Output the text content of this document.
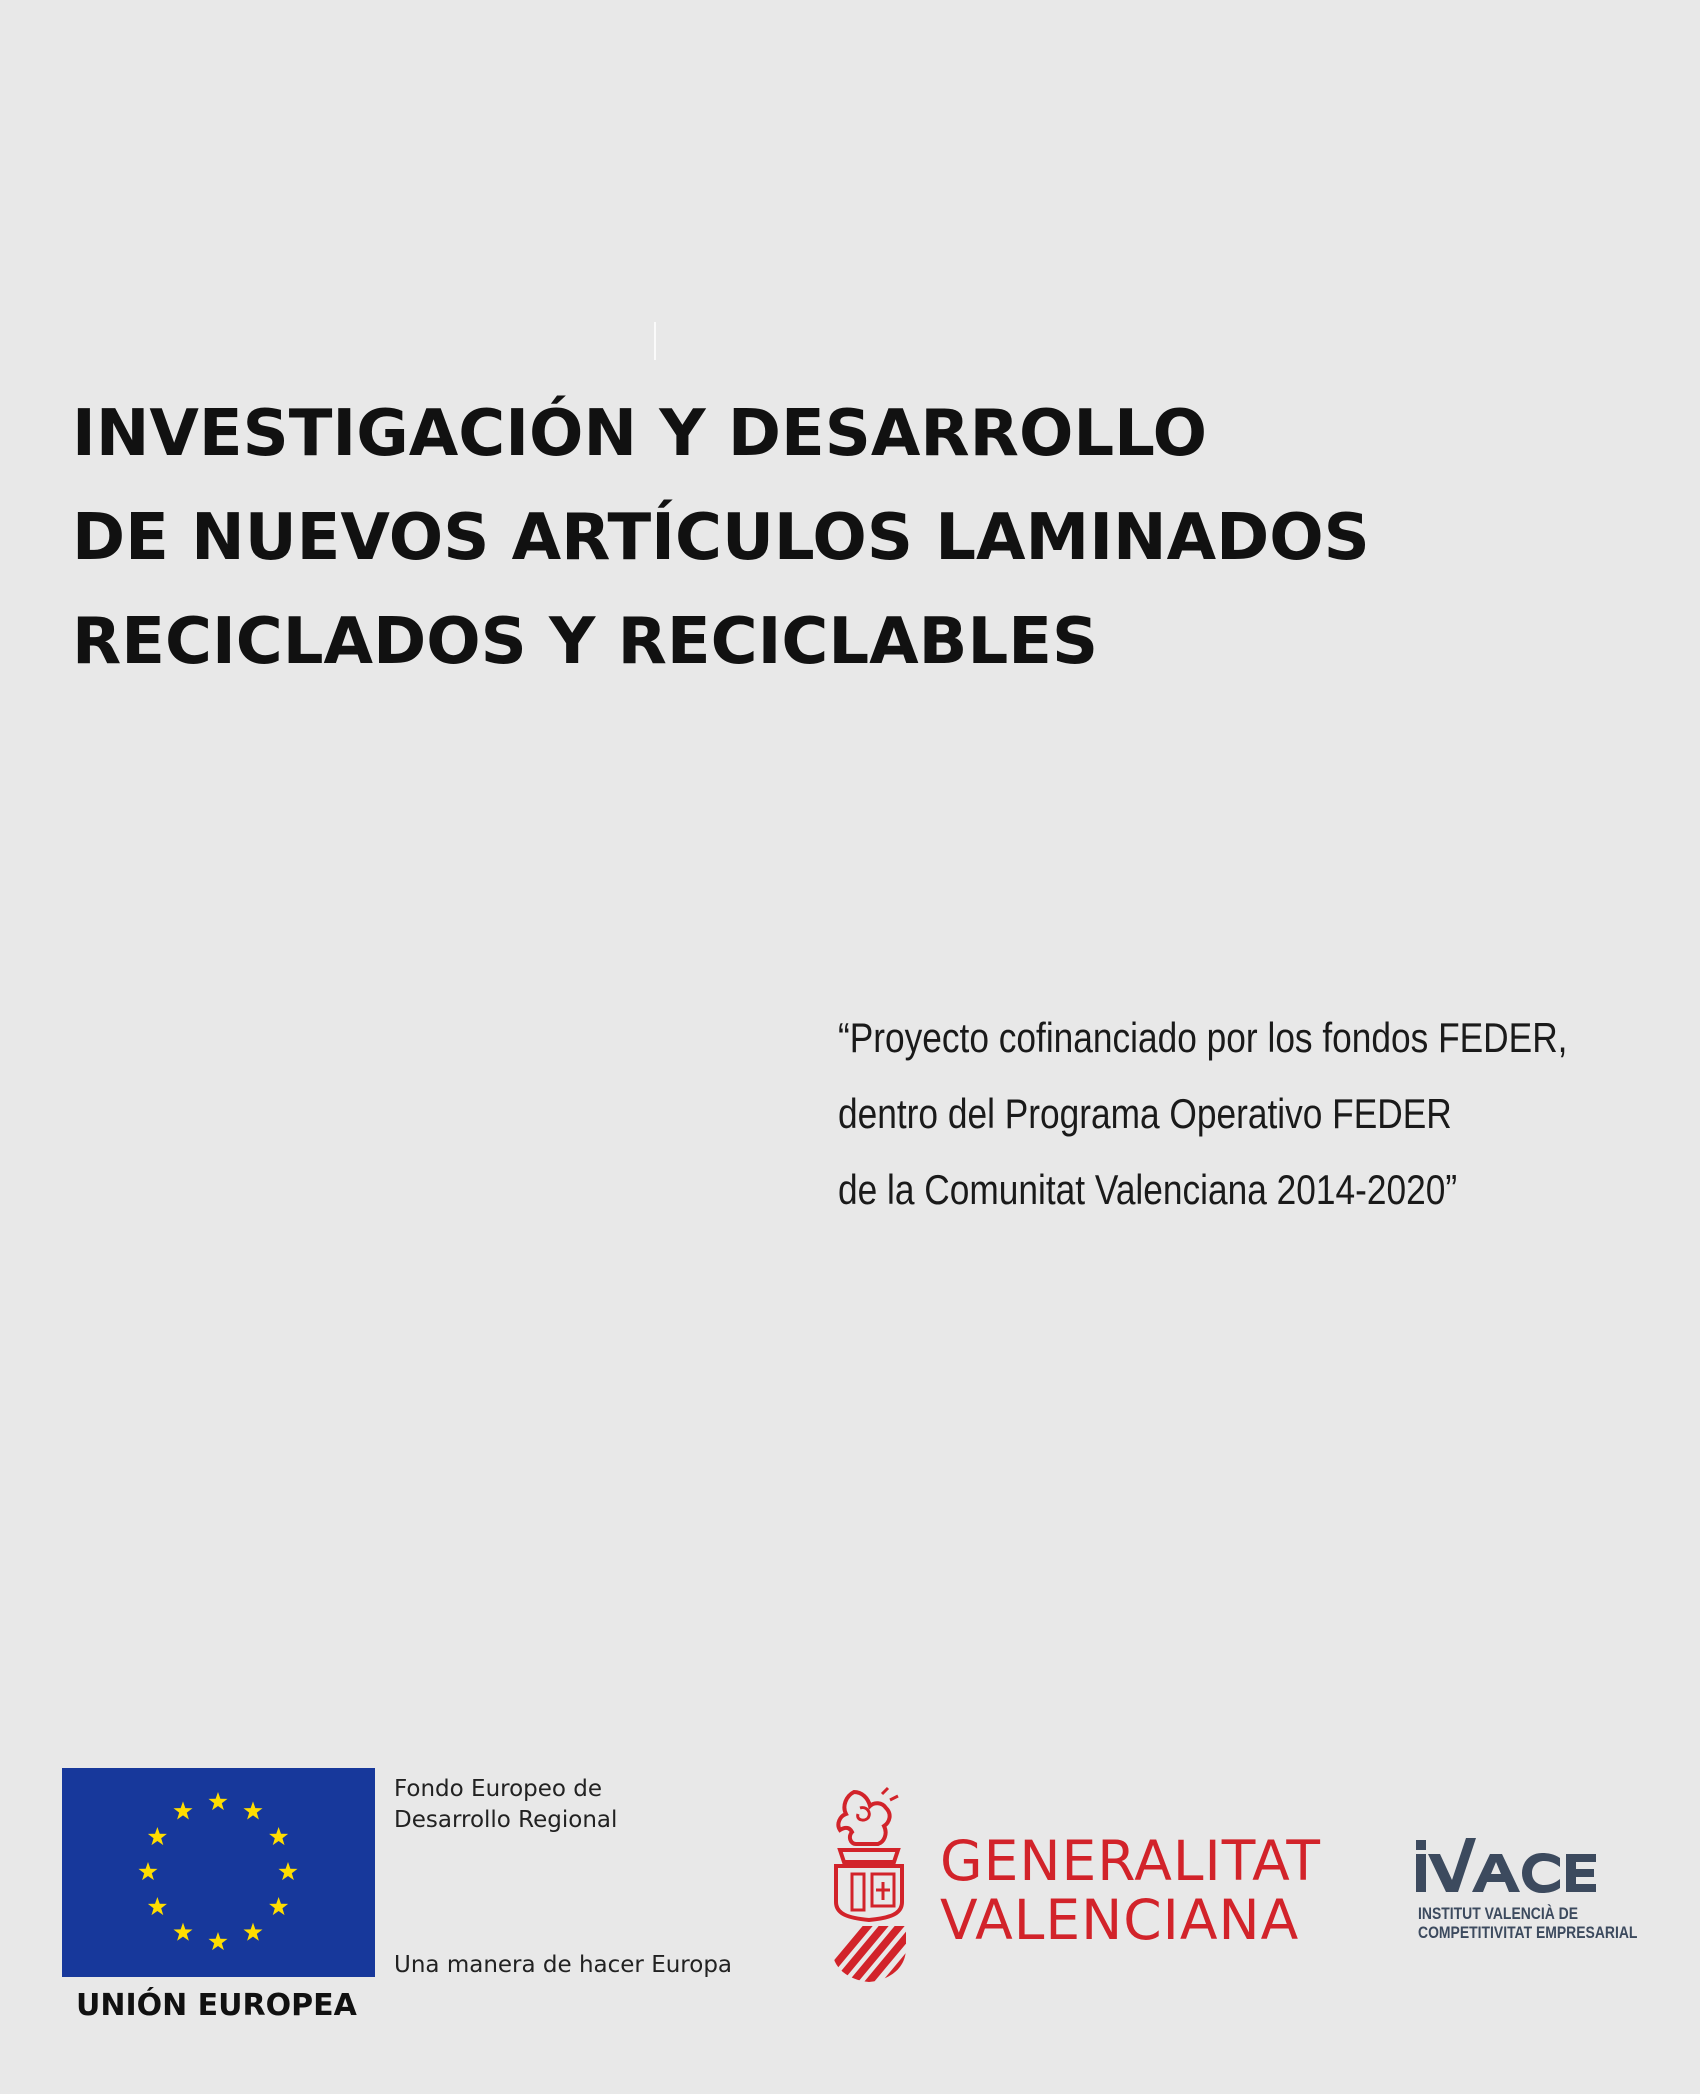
INVESTIGACIÓN Y DESARROLLO
DE NUEVOS ARTÍCULOS LAMINADOS
RECICLADOS Y RECICLABLES

“Proyecto cofinanciado por los fondos FEDER,
dentro del Programa Operativo FEDER
de la Comunitat Valenciana 2014-2020”

UNIÓN EUROPEA
Fondo Europeo de
Desarrollo Regional
Una manera de hacer Europa
GENERALITAT
VALENCIANA	INSTITUT VALENCIÀ DE
COMPETITIVITAT EMPRESARIAL
